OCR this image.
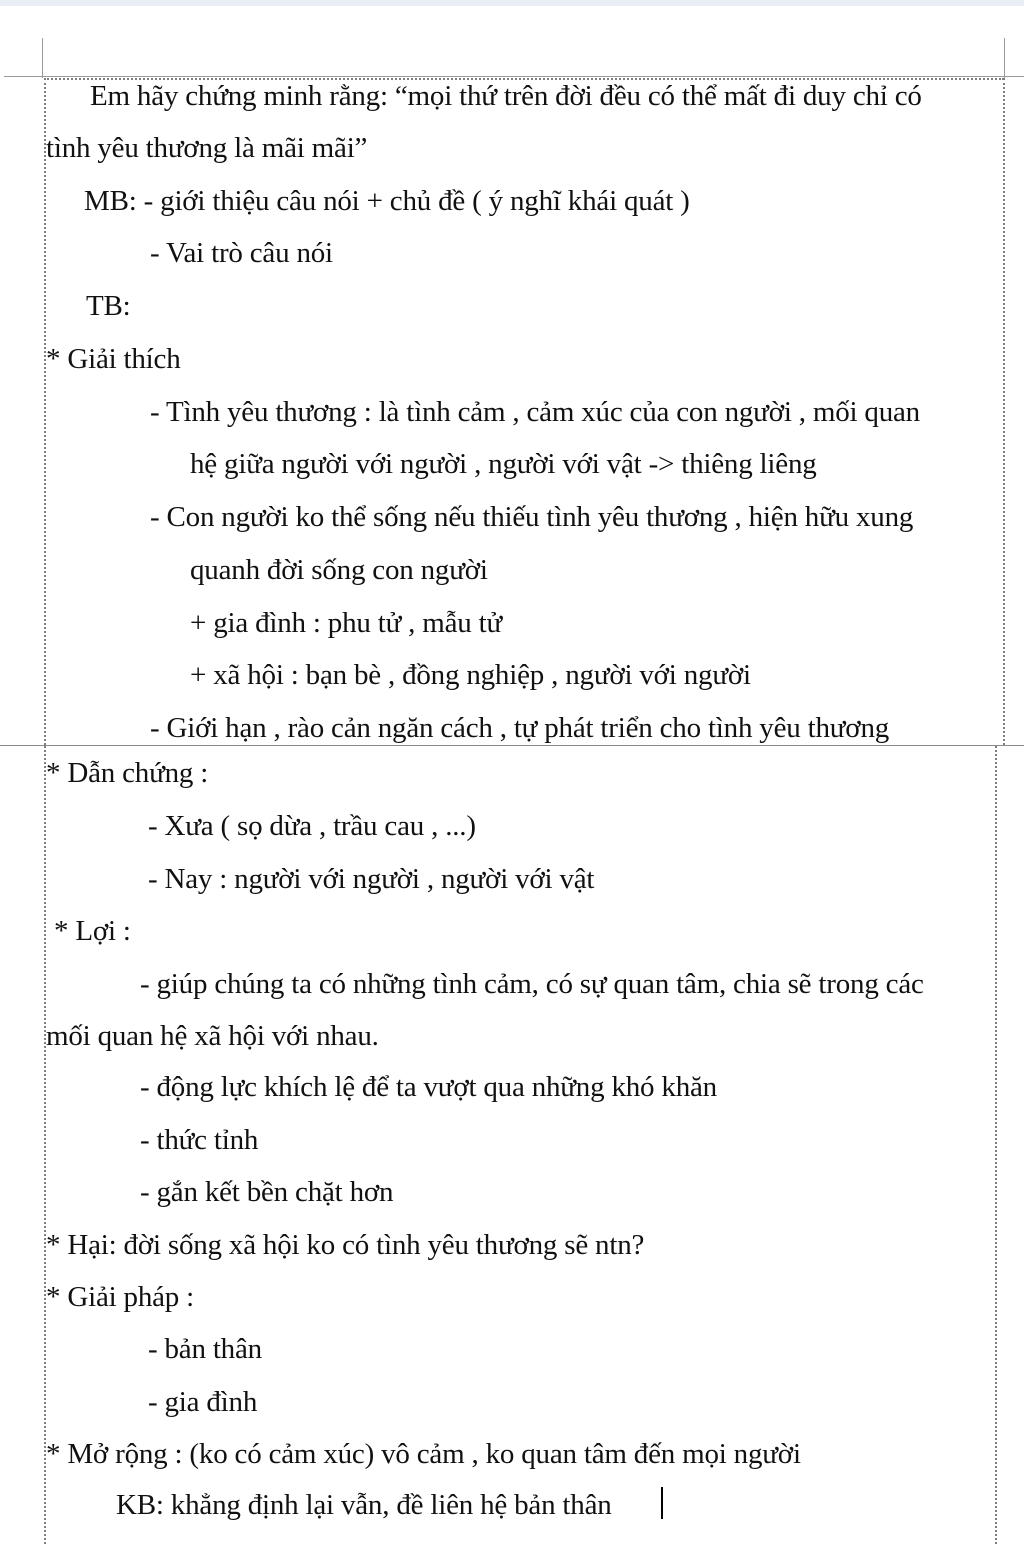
Em hãy chứng minh rằng: “mọi thứ trên đời đều có thể mất đi duy chỉ có
tình yêu thương là mãi mãi”
MB: - giới thiệu câu nói + chủ đề ( ý nghĩ khái quát )
- Vai trò câu nói
TB:
* Giải thích
- Tình yêu thương : là tình cảm , cảm xúc của con người , mối quan
hệ giữa người với người , người với vật -> thiêng liêng
- Con người ko thể sống nếu thiếu tình yêu thương , hiện hữu xung
quanh đời sống con người
+ gia đình : phu tử , mẫu tử
+ xã hội : bạn bè , đồng nghiệp , người với người
- Giới hạn , rào cản ngăn cách , tự phát triển cho tình yêu thương
* Dẫn chứng :
- Xưa ( sọ dừa , trầu cau , ...)
- Nay : người với người , người với vật
* Lợi :
- giúp chúng ta có những tình cảm, có sự quan tâm, chia sẽ trong các
mối quan hệ xã hội với nhau.
- động lực khích lệ để ta vượt qua những khó khăn
- thức tỉnh
- gắn kết bền chặt hơn
* Hại: đời sống xã hội ko có tình yêu thương sẽ ntn?
* Giải pháp :
- bản thân
- gia đình
* Mở rộng : (ko có cảm xúc) vô cảm , ko quan tâm đến mọi người
KB: khẳng định lại vẫn, đề liên hệ bản thân
